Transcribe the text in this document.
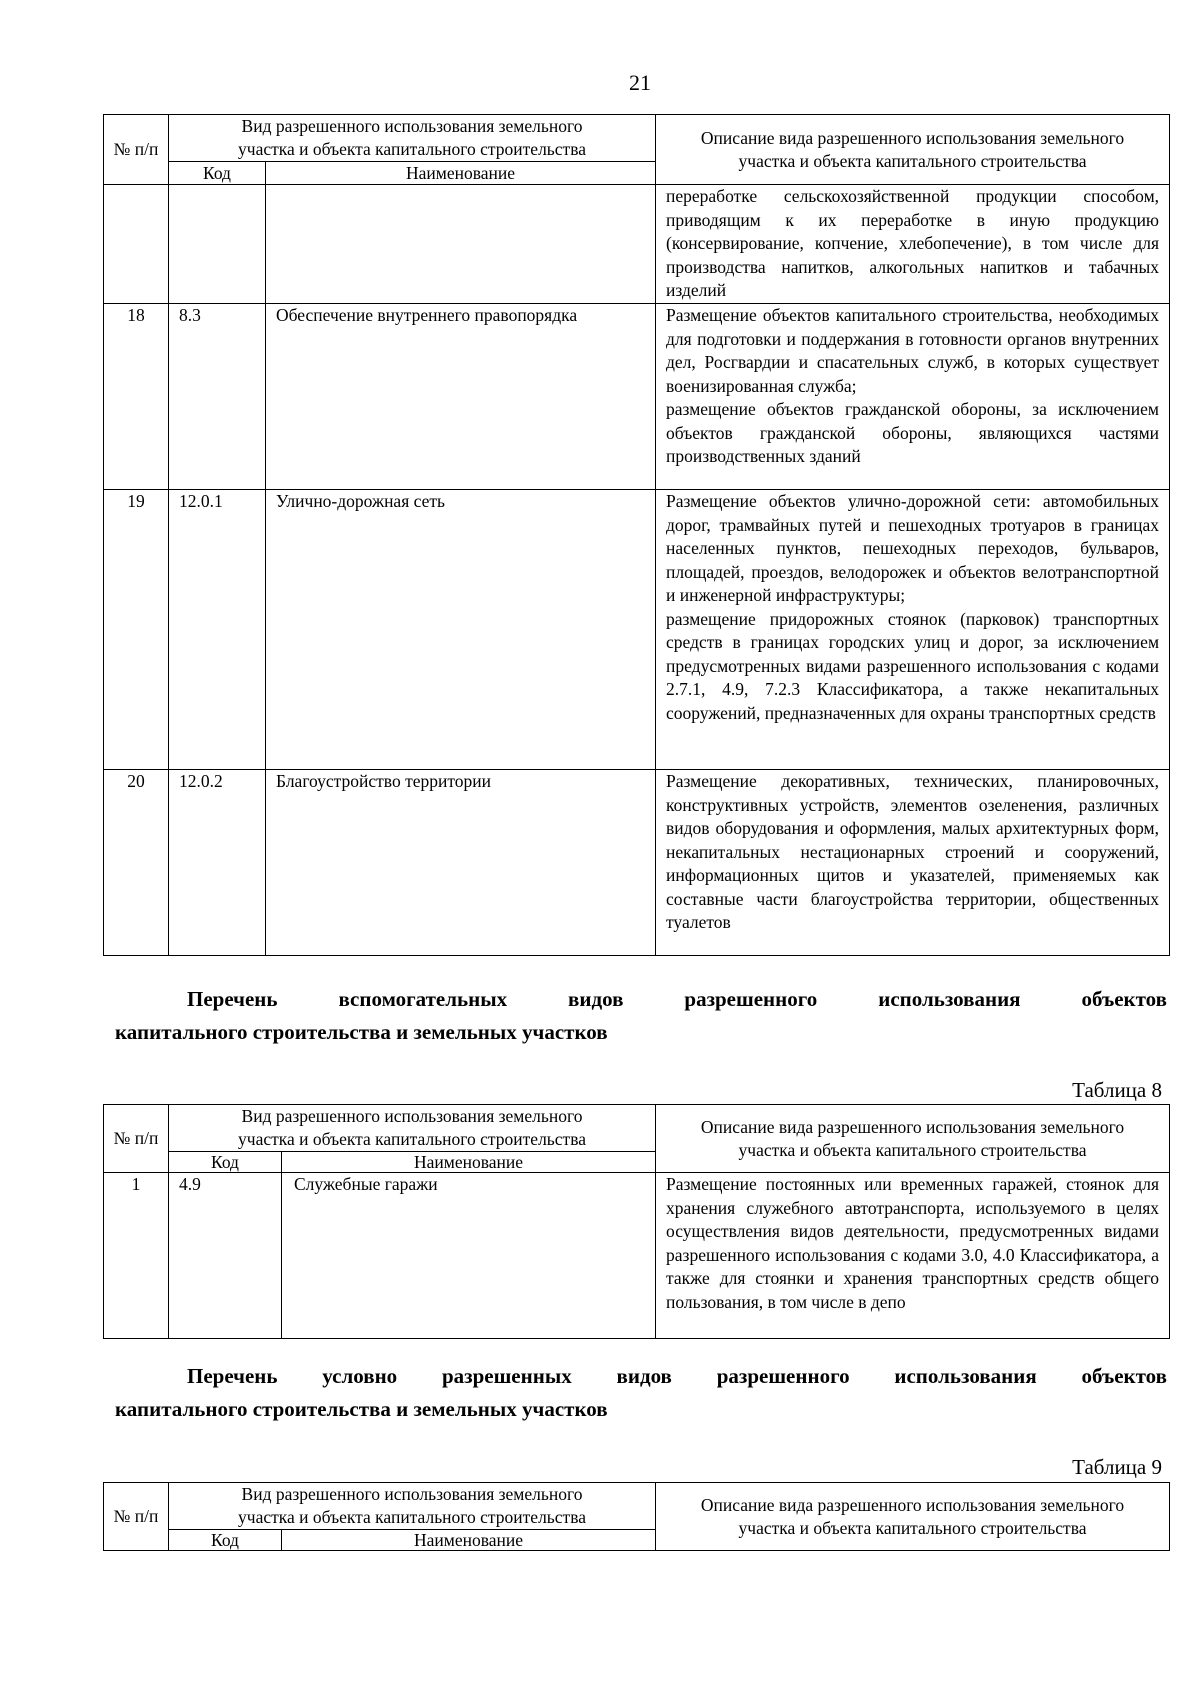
21
№ п/п	Вид разрешенного использования земельного
участка и объекта капитального строительства		Описание вида разрешенного использования земельного
участка и объекта капитального строительства
	Код	Наименование	

			переработке сельскохозяйственной продукции способом, приводящим к их переработке в иную продукцию (консервирование, копчение, хлебопечение), в том числе для производства напитков, алкогольных напитков и табачных изделий

18	8.3	Обеспечение внутреннего правопорядка	Размещение объектов капитального строительства, необходимых для подготовки и поддержания в готовности органов внутренних дел, Росгвардии и спасательных служб, в которых существует военизированная служба;
размещение объектов гражданской обороны, за исключением объектов гражданской обороны, являющихся частями производственных зданий

19	12.0.1	Улично-дорожная сеть	Размещение объектов улично-дорожной сети: автомобильных дорог, трамвайных путей и пешеходных тротуаров в границах населенных пунктов, пешеходных переходов, бульваров, площадей, проездов, велодорожек и объектов велотранспортной и инженерной инфраструктуры;
размещение придорожных стоянок (парковок) транспортных средств в границах городских улиц и дорог, за исключением предусмотренных видами разрешенного использования с кодами 2.7.1, 4.9, 7.2.3 Классификатора, а также некапитальных сооружений, предназначенных для охраны транспортных средств

20	12.0.2	Благоустройство территории	Размещение декоративных, технических, планировочных, конструктивных устройств, элементов озеленения, различных видов оборудования и оформления, малых архитектурных форм, некапитальных нестационарных строений и сооружений, информационных щитов и указателей, применяемых как составные части благоустройства территории, общественных туалетов
Перечень вспомогательных видов разрешенного использования объектов
капитального строительства и земельных участков
Таблица 8
№ п/п	Вид разрешенного использования земельного
участка и объекта капитального строительства		Описание вида разрешенного использования земельного
участка и объекта капитального строительства
	Код	Наименование	
1	4.9	Служебные гаражи	Размещение постоянных или временных гаражей, стоянок для хранения служебного автотранспорта, используемого в целях осуществления видов деятельности, предусмотренных видами разрешенного использования с кодами 3.0, 4.0 Классификатора, а также для стоянки и хранения транспортных средств общего пользования, в том числе в депо
Перечень условно разрешенных видов разрешенного использования объектов
капитального строительства и земельных участков
Таблица 9
№ п/п	Вид разрешенного использования земельного
участка и объекта капитального строительства		Описание вида разрешенного использования земельного
участка и объекта капитального строительства
	Код	Наименование	
